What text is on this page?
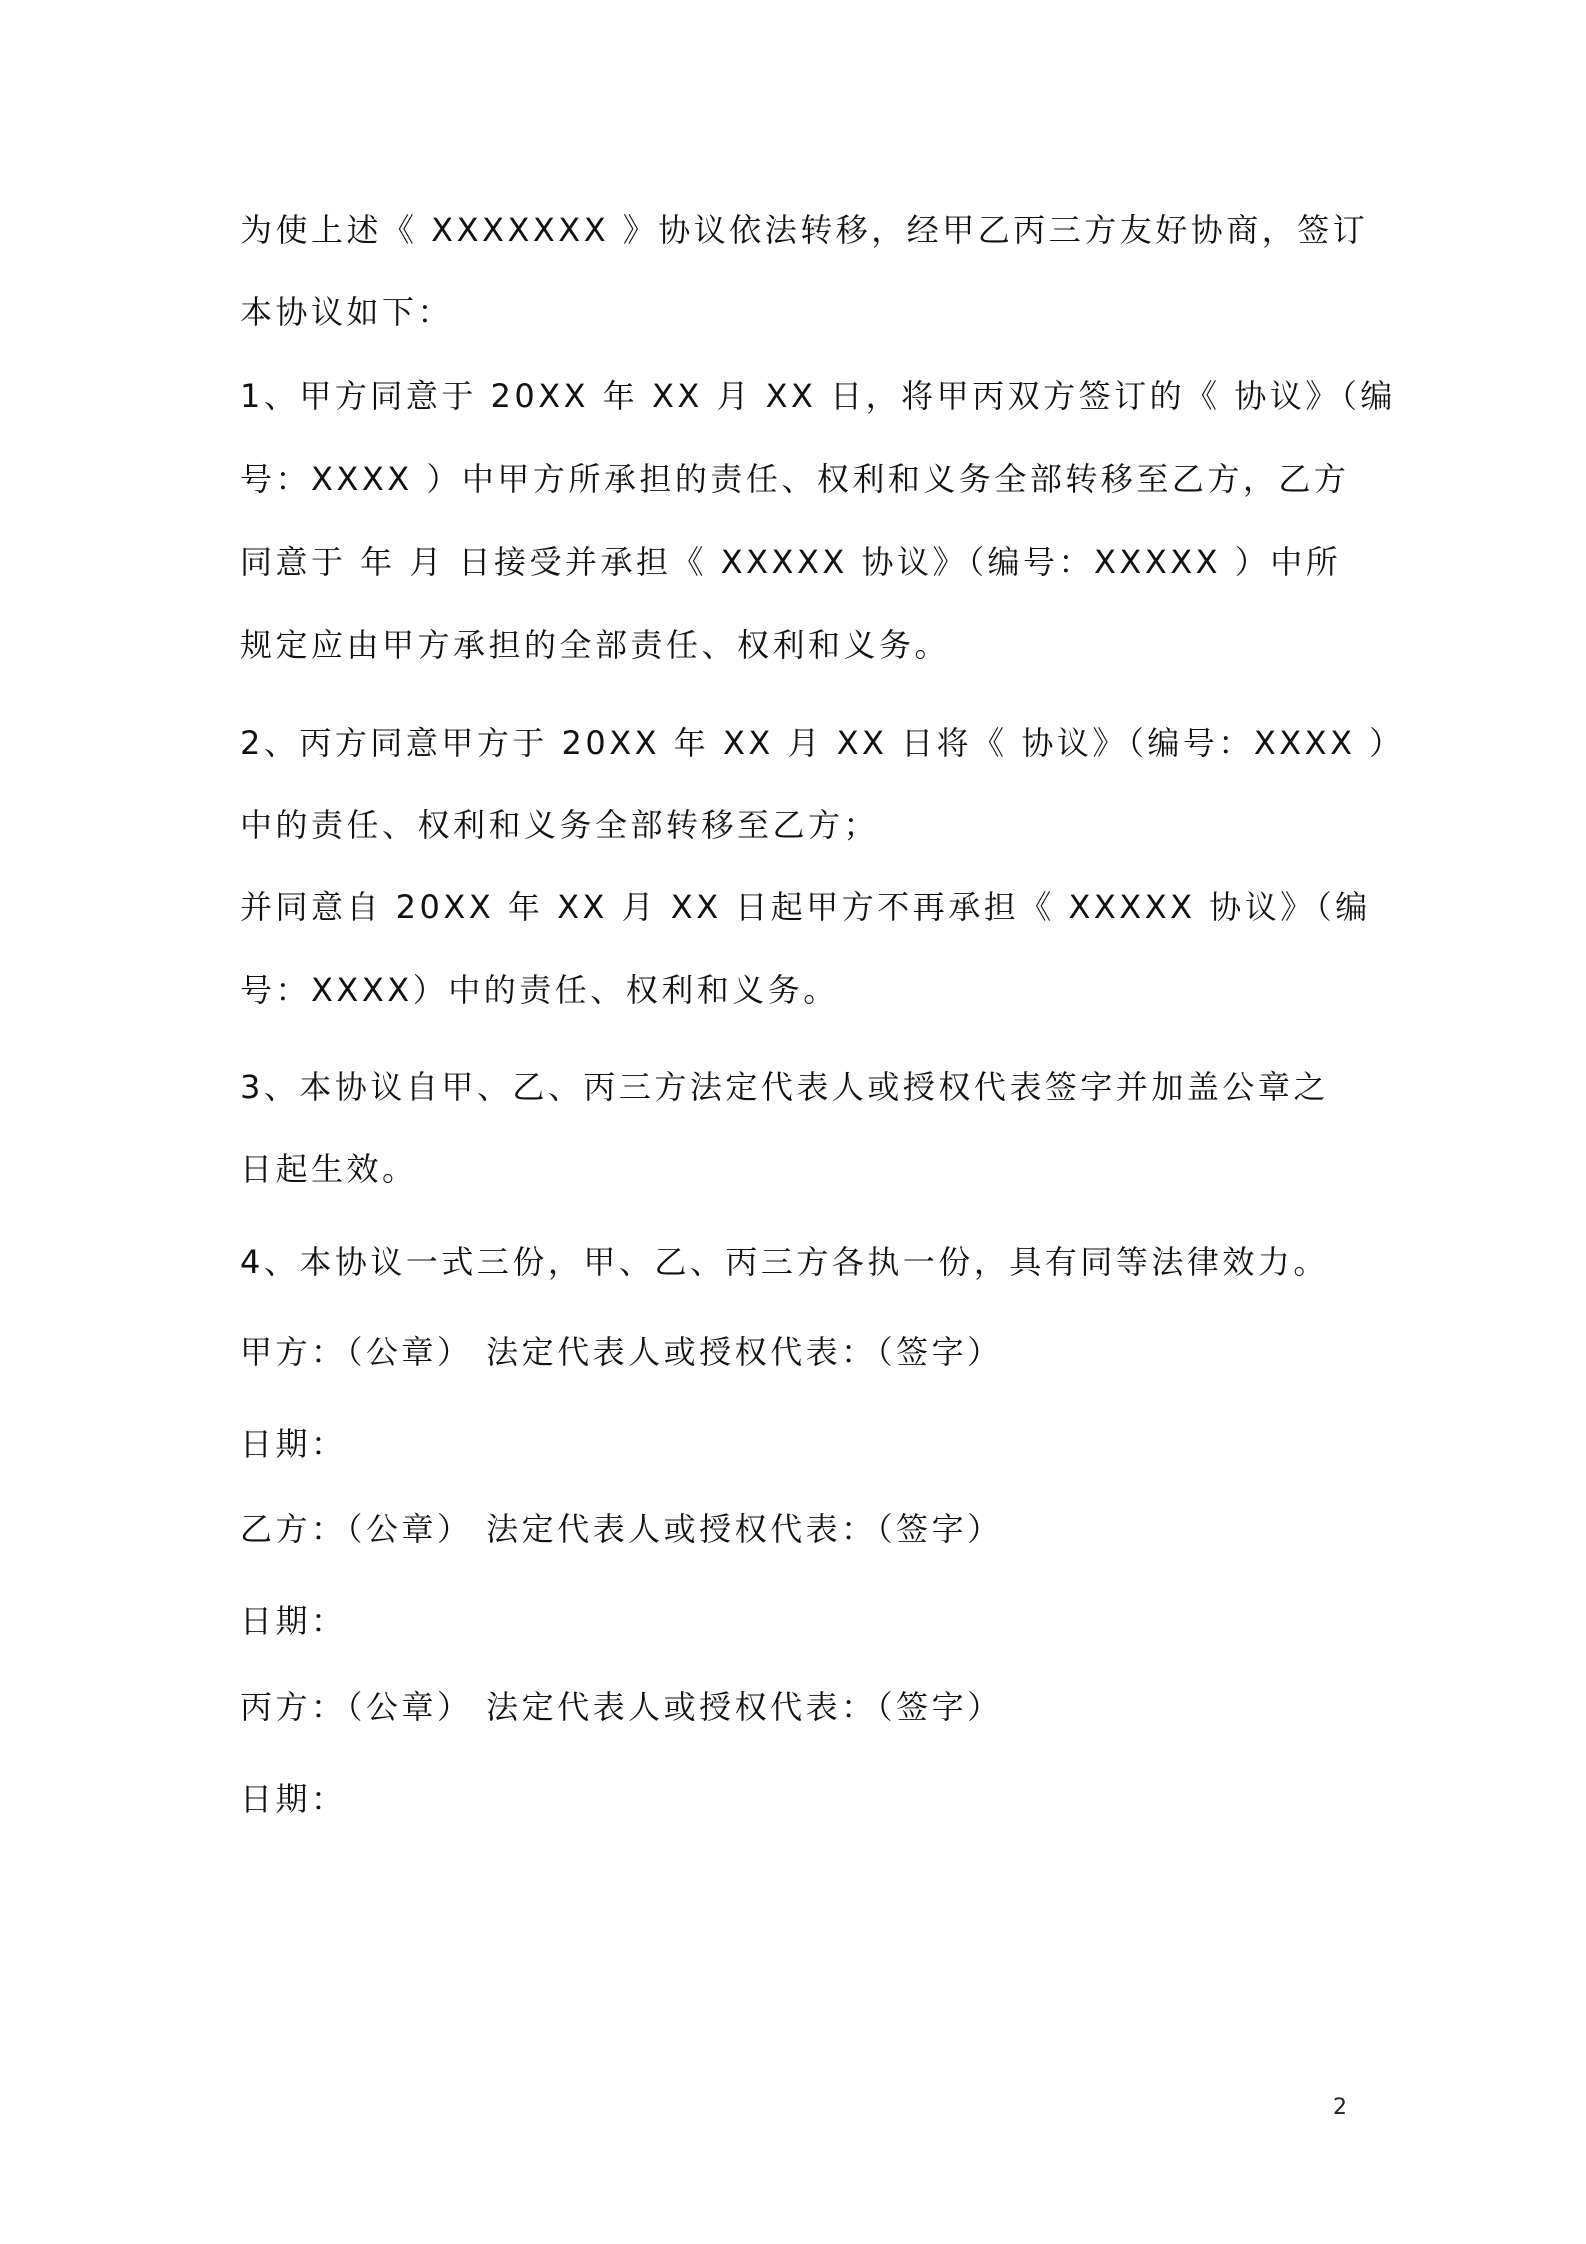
为使上述《 XXXXXXX 》协议依法转移，经甲乙丙三方友好协商，签订

本协议如下：

1、甲方同意于 20XX 年 XX 月 XX 日，将甲丙双方签订的《 协议》（编

号：XXXX ）中甲方所承担的责任、权利和义务全部转移至乙方，乙方

同意于 年 月 日接受并承担《 XXXXX 协议》（编号：XXXXX ）中所

规定应由甲方承担的全部责任、权利和义务。

2、丙方同意甲方于 20XX 年 XX 月 XX 日将《 协议》（编号：XXXX ）

中的责任、权利和义务全部转移至乙方；

并同意自 20XX 年 XX 月 XX 日起甲方不再承担《 XXXXX 协议》（编

号：XXXX）中的责任、权利和义务。

3、本协议自甲、乙、丙三方法定代表人或授权代表签字并加盖公章之

日起生效。

4、本协议一式三份，甲、乙、丙三方各执一份，具有同等法律效力。

甲方：（公章） 法定代表人或授权代表：（签字）

日期：

乙方：（公章） 法定代表人或授权代表：（签字）

日期：

丙方：（公章） 法定代表人或授权代表：（签字）

日期：

2
